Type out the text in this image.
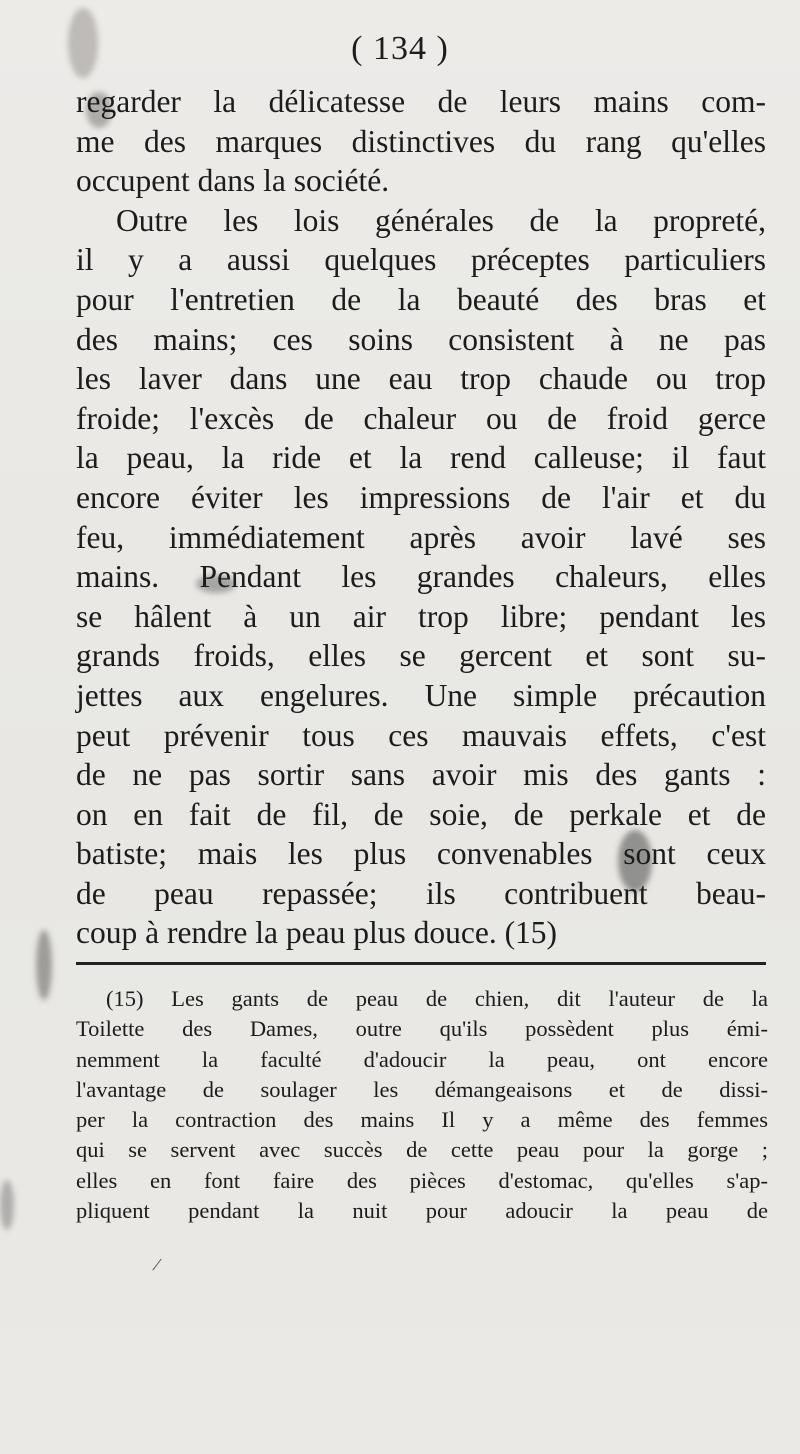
( 134 )
regarder la délicatesse de leurs mains com-
me des marques distinctives du rang qu'elles
occupent dans la société.
Outre les lois générales de la propreté,
il y a aussi quelques préceptes particuliers
pour l'entretien de la beauté des bras et
des mains; ces soins consistent à ne pas
les laver dans une eau trop chaude ou trop
froide; l'excès de chaleur ou de froid gerce
la peau, la ride et la rend calleuse; il faut
encore éviter les impressions de l'air et du
feu, immédiatement après avoir lavé ses
mains. Pendant les grandes chaleurs, elles
se hâlent à un air trop libre; pendant les
grands froids, elles se gercent et sont su-
jettes aux engelures. Une simple précaution
peut prévenir tous ces mauvais effets, c'est
de ne pas sortir sans avoir mis des gants :
on en fait de fil, de soie, de perkale et de
batiste; mais les plus convenables sont ceux
de peau repassée; ils contribuent beau-
coup à rendre la peau plus douce. (15)
(15) Les gants de peau de chien, dit l'auteur de la
Toilette des Dames, outre qu'ils possèdent plus émi-
nemment la faculté d'adoucir la peau, ont encore
l'avantage de soulager les démangeaisons et de dissi-
per la contraction des mains Il y a même des femmes
qui se servent avec succès de cette peau pour la gorge ;
elles en font faire des pièces d'estomac, qu'elles s'ap-
pliquent pendant la nuit pour adoucir la peau de
/
